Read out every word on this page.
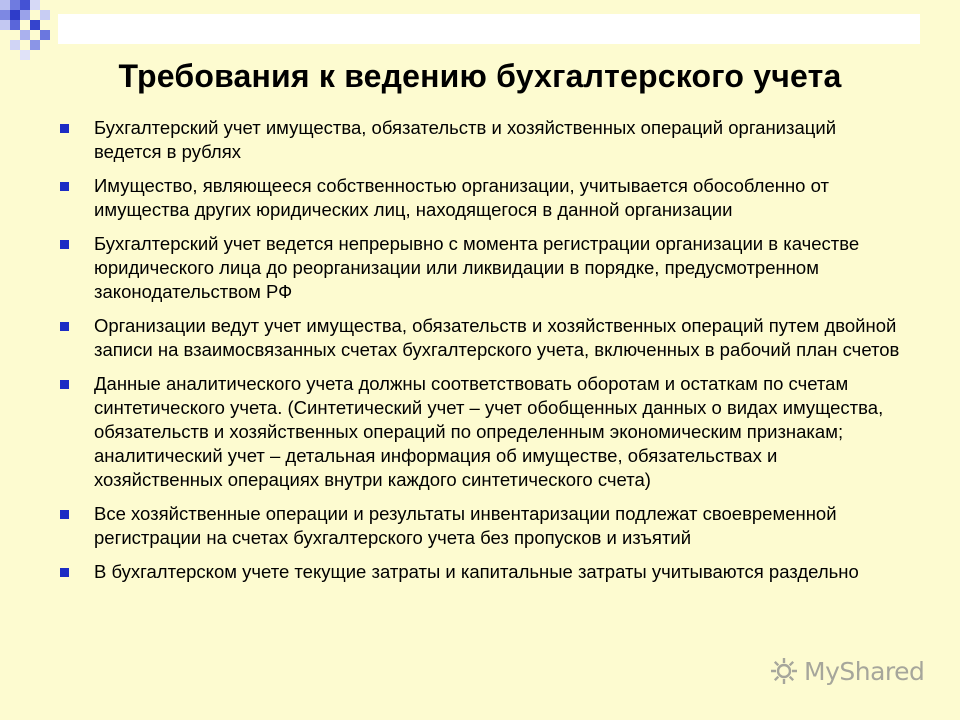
Требования к ведению бухгалтерского учета
Бухгалтерский учет имущества, обязательств и хозяйственных операций организаций ведется в рублях
Имущество, являющееся собственностью организации, учитывается обособленно от имущества других юридических лиц, находящегося в данной организации
Бухгалтерский учет ведется непрерывно с момента регистрации организации в качестве юридического лица до реорганизации или ликвидации в порядке, предусмотренном законодательством РФ
Организации ведут учет имущества, обязательств и хозяйственных операций путем двойной записи на взаимосвязанных счетах бухгалтерского учета, включенных в рабочий план счетов
Данные аналитического учета должны соответствовать оборотам и остаткам по счетам синтетического учета. (Синтетический учет – учет обобщенных данных о видах имущества, обязательств и хозяйственных операций по определенным экономическим признакам; аналитический учет – детальная информация об имуществе, обязательствах и хозяйственных операциях внутри каждого синтетического счета)
Все хозяйственные операции и результаты инвентаризации подлежат своевременной регистрации на счетах бухгалтерского учета без пропусков и изъятий
В бухгалтерском учете текущие затраты и капитальные затраты учитываются раздельно
MyShared
